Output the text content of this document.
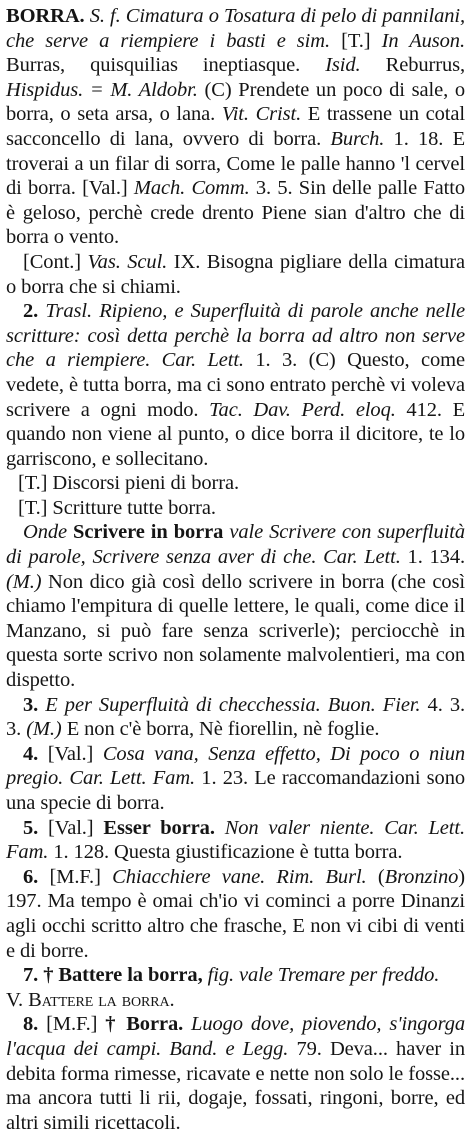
BORRA. S. f. Cimatura o Tosatura di pelo di pannilani, che serve a riempiere i basti e sim. [T.] In Auson. Burras, quisquilias ineptiasque. Isid. Reburrus, Hispidus. = M. Aldobr. (C) Prendete un poco di sale, o borra, o seta arsa, o lana. Vit. Crist. E trassene un cotal sacconcello di lana, ovvero di borra. Burch. 1. 18. E troverai a un filar di sorra, Come le palle hanno 'l cervel di borra. [Val.] Mach. Comm. 3. 5. Sin delle palle Fatto è geloso, perchè crede drento Piene sian d'altro che di borra o vento.

[Cont.] Vas. Scul. IX. Bisogna pigliare della cimatura o borra che si chiami.

2. Trasl. Ripieno, e Superfluità di parole anche nelle scritture: così detta perchè la borra ad altro non serve che a riempiere. Car. Lett. 1. 3. (C) Questo, come vedete, è tutta borra, ma ci sono entrato perchè vi voleva scrivere a ogni modo. Tac. Dav. Perd. eloq. 412. E quando non viene al punto, o dice borra il dicitore, te lo garriscono, e sollecitano.

[T.] Discorsi pieni di borra.

[T.] Scritture tutte borra.

Onde Scrivere in borra vale Scrivere con superfluità di parole, Scrivere senza aver di che. Car. Lett. 1. 134. (M.) Non dico già così dello scrivere in borra (che così chiamo l'empitura di quelle lettere, le quali, come dice il Manzano, si può fare senza scriverle); perciocchè in questa sorte scrivo non solamente malvolentieri, ma con dispetto.

3. E per Superfluità di checchessia. Buon. Fier. 4. 3. 3. (M.) E non c'è borra, Nè fiorellin, nè foglie.

4. [Val.] Cosa vana, Senza effetto, Di poco o niun pregio. Car. Lett. Fam. 1. 23. Le raccomandazioni sono una specie di borra.

5. [Val.] Esser borra. Non valer niente. Car. Lett. Fam. 1. 128. Questa giustificazione è tutta borra.

6. [M.F.] Chiacchiere vane. Rim. Burl. (Bronzino) 197. Ma tempo è omai ch'io vi cominci a porre Dinanzi agli occhi scritto altro che frasche, E non vi cibi di venti e di borre.

7. † Battere la borra, fig. vale Tremare per freddo.

V. Battere la borra.

8. [M.F.] † Borra. Luogo dove, piovendo, s'ingorga l'acqua dei campi. Band. e Legg. 79. Deva... haver in debita forma rimesse, ricavate e nette non solo le fosse... ma ancora tutti li rii, dogaje, fossati, ringoni, borre, ed altri simili ricettacoli.
